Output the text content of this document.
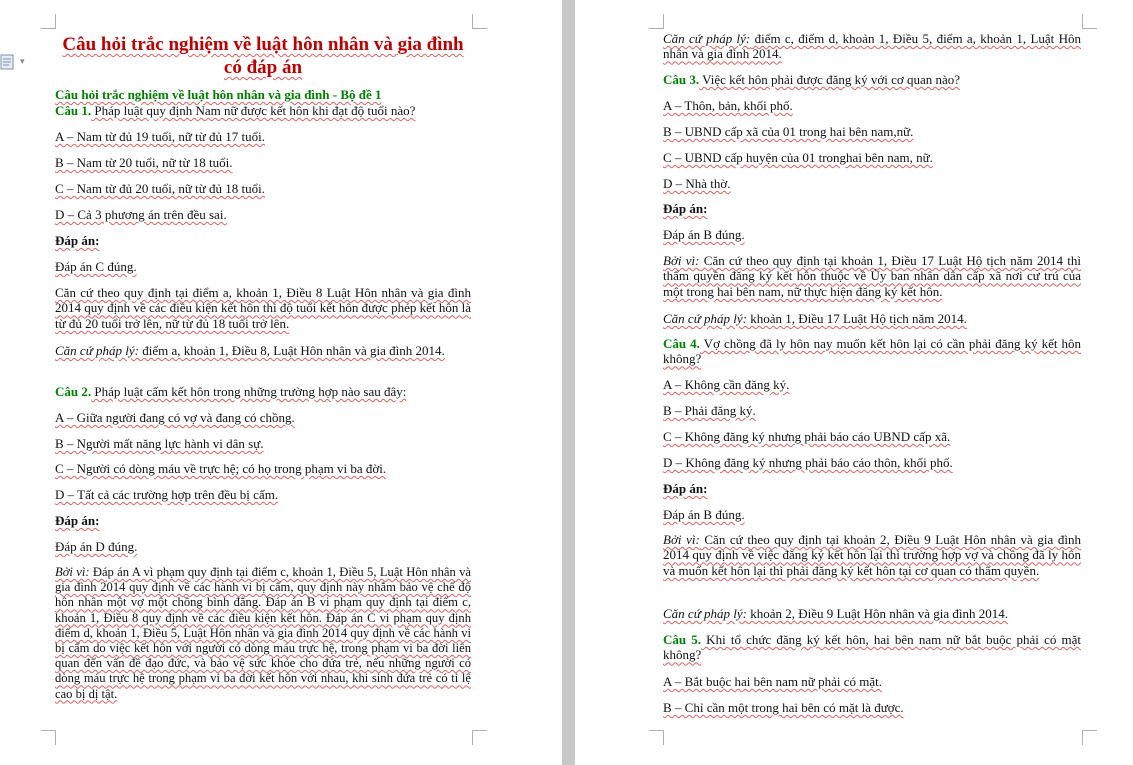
▾
Câu hỏi trắc nghiệm về luật hôn nhân và gia đình có đáp án
Câu hỏi trắc nghiệm về luật hôn nhân và gia đình - Bộ đề 1
Câu 1. Pháp luật quy định Nam nữ được kết hôn khi đạt độ tuổi nào?
A – Nam từ đủ 19 tuổi, nữ từ đủ 17 tuổi.
B – Nam từ 20 tuổi, nữ từ 18 tuổi.
C – Nam từ đủ 20 tuổi, nữ từ đủ 18 tuổi.
D – Cả 3 phương án trên đều sai.
Đáp án:
Đáp án C đúng.
Căn cứ theo quy định tại điểm a, khoản 1, Điều 8 Luật Hôn nhân và gia đình 2014 quy định về các điều kiện kết hôn thì độ tuổi kết hôn được phép kết hôn là từ đủ 20 tuổi trở lên, nữ từ đủ 18 tuổi trở lên.
Căn cứ pháp lý: điểm a, khoản 1, Điều 8, Luật Hôn nhân và gia đình 2014.
Câu 2. Pháp luật cấm kết hôn trong những trường hợp nào sau đây:
A – Giữa người đang có vợ và đang có chồng.
B – Người mất năng lực hành vi dân sự.
C – Người có dòng máu về trực hệ; có họ trong phạm vi ba đời.
D – Tất cả các trường hợp trên đều bị cấm.
Đáp án:
Đáp án D đúng.
Bởi vì: Đáp án A vì phạm quy định tại điểm c, khoản 1, Điều 5, Luật Hôn nhân và gia đình 2014 quy định về các hành vi bị cấm, quy định này nhằm bảo vệ chế độ hôn nhân một vợ một chồng bình đẳng. Đáp án B vi phạm quy định tại điểm c, khoản 1, Điều 8 quy định về các điều kiện kết hôn. Đáp án C vi phạm quy định điểm d, khoản 1, Điều 5, Luật Hôn nhân và gia đình 2014 quy định về các hành vi bị cấm do việc kết hôn với người có dòng máu trực hệ, trong phạm vi ba đời liên quan đến vấn đề đạo đức, và bảo vệ sức khỏe cho đứa trẻ, nếu những người có dòng máu trực hệ trong phạm vi ba đời kết hôn với nhau, khi sinh đứa trẻ có tỉ lệ cao bị dị tật.
Căn cứ pháp lý: điểm c, điểm d, khoản 1, Điều 5, điểm a, khoản 1, Luật Hôn nhân và gia đình 2014.
Câu 3. Việc kết hôn phải được đăng ký với cơ quan nào?
A – Thôn, bản, khối phố.
B – UBND cấp xã của 01 trong hai bên nam,nữ.
C – UBND cấp huyện của 01 tronghai bên nam, nữ.
D – Nhà thờ.
Đáp án:
Đáp án B đúng.
Bởi vì: Căn cứ theo quy định tại khoản 1, Điều 17 Luật Hộ tịch năm 2014 thì thẩm quyền đăng ký kết hôn thuộc về Ủy ban nhân dân cấp xã nơi cư trú của một trong hai bên nam, nữ thực hiện đăng ký kết hôn.
Căn cứ pháp lý: khoản 1, Điều 17 Luật Hộ tịch năm 2014.
Câu 4. Vợ chồng đã ly hôn nay muốn kết hôn lại có cần phải đăng ký kết hôn không?
A – Không cần đăng ký.
B – Phải đăng ký.
C – Không đăng ký nhưng phải báo cáo UBND cấp xã.
D – Không đăng ký nhưng phải báo cáo thôn, khối phố.
Đáp án:
Đáp án B đúng.
Bởi vì: Căn cứ theo quy định tại khoản 2, Điều 9 Luật Hôn nhân và gia đình 2014 quy định về việc đăng ký kết hôn lại thì trường hợp vợ và chồng đã ly hôn và muốn kết hôn lại thì phải đăng ký kết hôn tại cơ quan có thẩm quyền.
Căn cứ pháp lý: khoản 2, Điều 9 Luật Hôn nhân và gia đình 2014.
Câu 5. Khi tổ chức đăng ký kết hôn, hai bên nam nữ bắt buộc phải có mặt không?
A – Bắt buộc hai bên nam nữ phải có mặt.
B – Chỉ cần một trong hai bên có mặt là được.
